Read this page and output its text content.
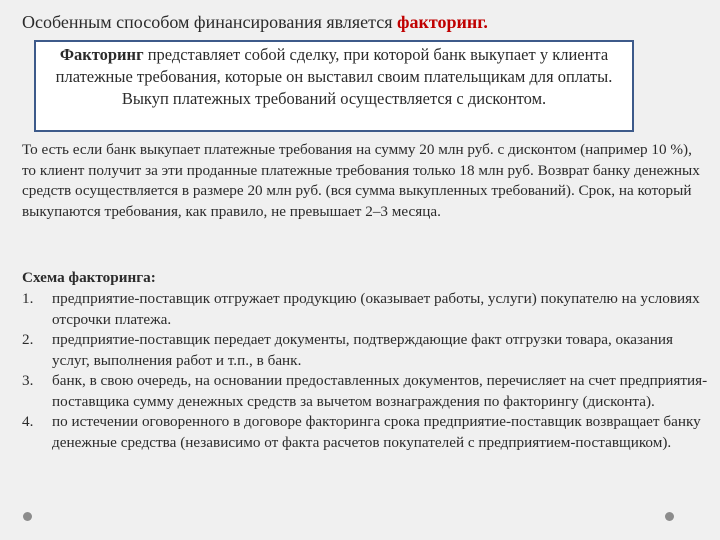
Особенным способом финансирования является факторинг.
Факторинг представляет собой сделку, при которой банк выкупает у клиента платежные требования, которые он выставил своим плательщикам для оплаты. Выкуп платежных требований осуществляется с дисконтом.
То есть если банк выкупает платежные требования на сумму 20 млн руб. с дисконтом (например 10 %), то клиент получит за эти проданные платежные требования только 18 млн руб. Возврат банку денежных средств осуществляется в размере 20 млн руб. (вся сумма выкупленных требований). Срок, на который выкупаются требования, как правило, не превышает 2–3 месяца.
Схема факторинга:
1. предприятие-поставщик отгружает продукцию (оказывает работы, услуги) покупателю на условиях отсрочки платежа.
2. предприятие-поставщик передает документы, подтверждающие факт отгрузки товара, оказания услуг, выполнения работ и т.п., в банк.
3. банк, в свою очередь, на основании предоставленных документов, перечисляет на счет предприятия-поставщика сумму денежных средств за вычетом вознаграждения по факторингу (дисконта).
4. по истечении оговоренного в договоре факторинга срока предприятие-поставщик возвращает банку денежные средства (независимо от факта расчетов покупателей с предприятием-поставщиком).
